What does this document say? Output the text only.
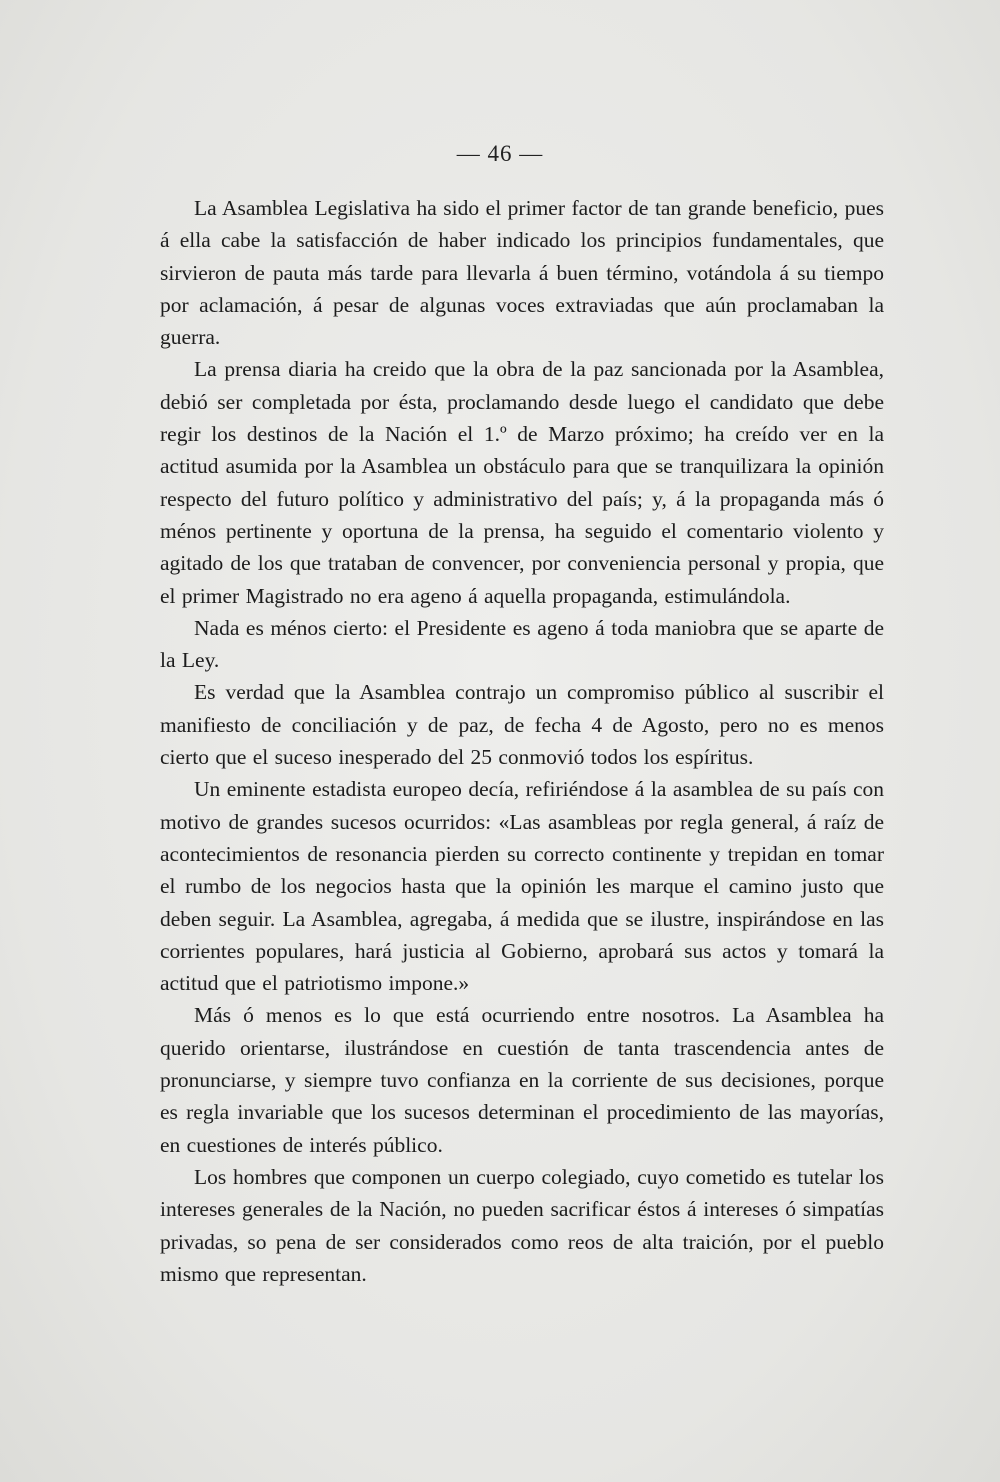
— 46 —

La Asamblea Legislativa ha sido el primer factor de tan grande beneficio, pues á ella cabe la satisfacción de haber indicado los principios fundamentales, que sirvieron de pauta más tarde para llevarla á buen término, votándola á su tiempo por aclamación, á pesar de algunas voces extraviadas que aún proclamaban la guerra.

La prensa diaria ha creido que la obra de la paz sancionada por la Asamblea, debió ser completada por ésta, proclamando desde luego el candidato que debe regir los destinos de la Nación el 1.º de Marzo próximo; ha creído ver en la actitud asumida por la Asamblea un obstáculo para que se tranquilizara la opinión respecto del futuro político y administrativo del país; y, á la propaganda más ó ménos pertinente y oportuna de la prensa, ha seguido el comentario violento y agitado de los que trataban de convencer, por conveniencia personal y propia, que el primer Magistrado no era ageno á aquella propaganda, estimulándola.

Nada es ménos cierto: el Presidente es ageno á toda maniobra que se aparte de la Ley.

Es verdad que la Asamblea contrajo un compromiso público al suscribir el manifiesto de conciliación y de paz, de fecha 4 de Agosto, pero no es menos cierto que el suceso inesperado del 25 conmovió todos los espíritus.

Un eminente estadista europeo decía, refiriéndose á la asamblea de su país con motivo de grandes sucesos ocurridos: «Las asambleas por regla general, á raíz de acontecimientos de resonancia pierden su correcto continente y trepidan en tomar el rumbo de los negocios hasta que la opinión les marque el camino justo que deben seguir. La Asamblea, agregaba, á medida que se ilustre, inspirándose en las corrientes populares, hará justicia al Gobierno, aprobará sus actos y tomará la actitud que el patriotismo impone.»

Más ó menos es lo que está ocurriendo entre nosotros. La Asamblea ha querido orientarse, ilustrándose en cuestión de tanta trascendencia antes de pronunciarse, y siempre tuvo confianza en la corriente de sus decisiones, porque es regla invariable que los sucesos determinan el procedimiento de las mayorías, en cuestiones de interés público.

Los hombres que componen un cuerpo colegiado, cuyo cometido es tutelar los intereses generales de la Nación, no pueden sacrificar éstos á intereses ó simpatías privadas, so pena de ser considerados como reos de alta traición, por el pueblo mismo que representan.
